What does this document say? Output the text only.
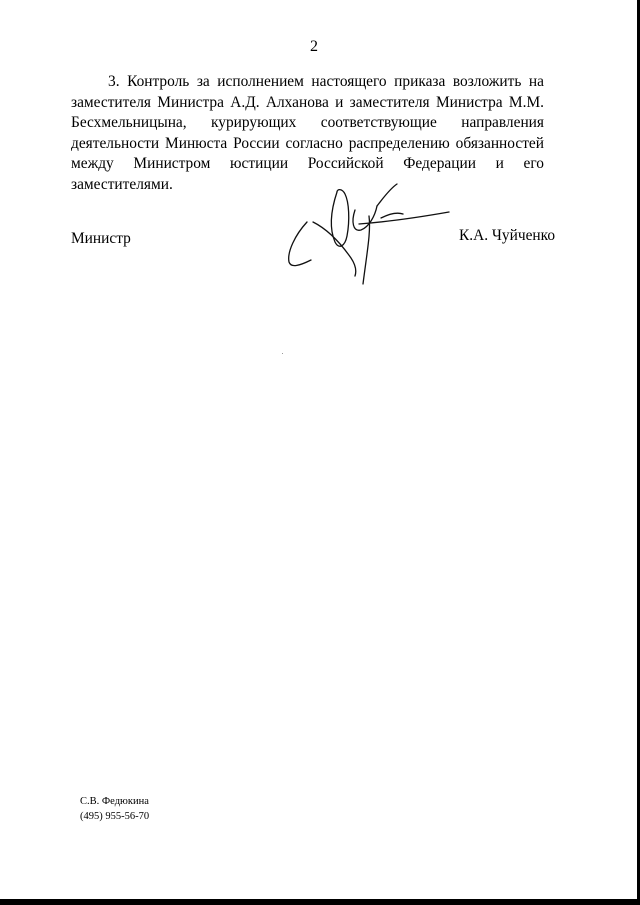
2

3. Контроль за исполнением настоящего приказа возложить на заместителя Министра А.Д. Алханова и заместителя Министра М.М. Бесхмельницына, курирующих соответствующие направления деятельности Минюста России согласно распределению обязанностей между Министром юстиции Российской Федерации и его заместителями.

Министр	К.А. Чуйченко
С.В. Федюкина
(495) 955-56-70
